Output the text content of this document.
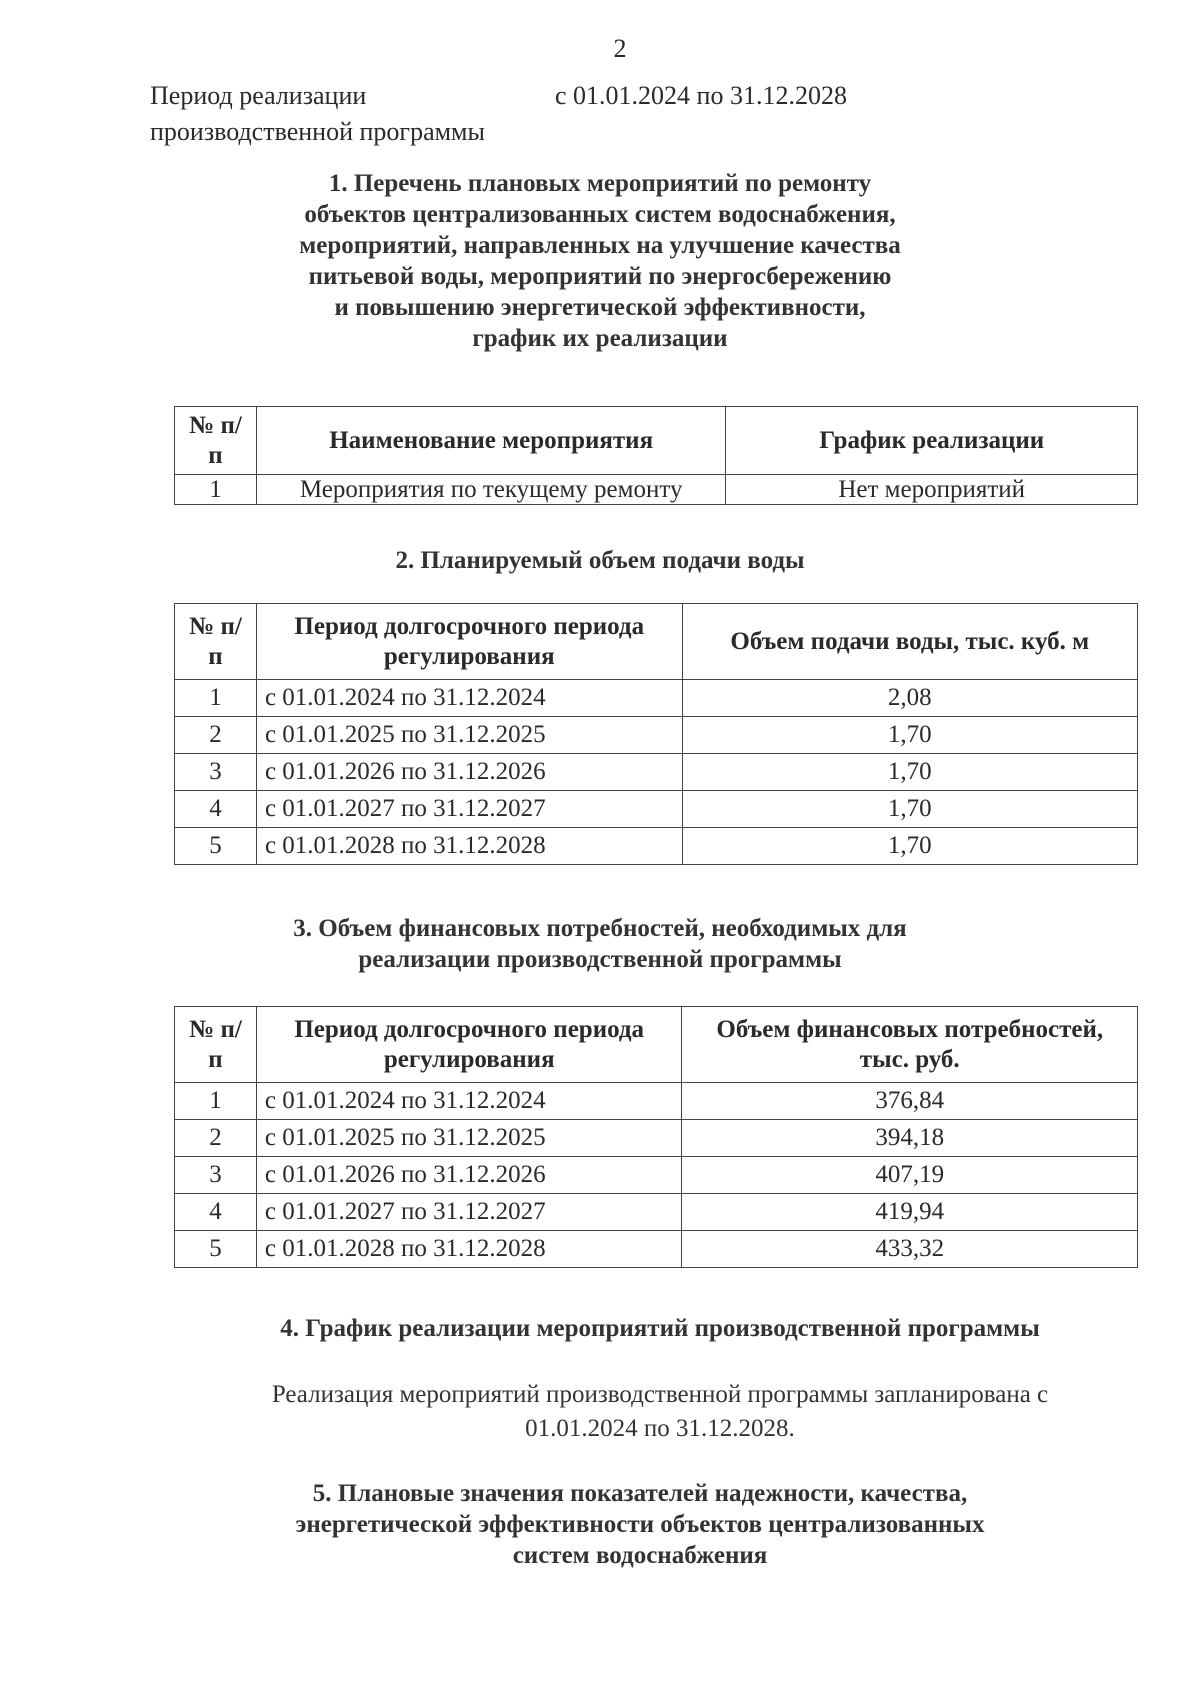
2
Период реализации
производственной программы
с 01.01.2024 по 31.12.2028
1. Перечень плановых мероприятий по ремонту
объектов централизованных систем водоснабжения,
мероприятий, направленных на улучшение качества
питьевой воды, мероприятий по энергосбережению
и повышению энергетической эффективности,
график их реализации
№ п/п	Наименование мероприятия	График реализации
1	Мероприятия по текущему ремонту	Нет мероприятий
2. Планируемый объем подачи воды
№ п/п	Период долгосрочного периода регулирования	Объем подачи воды, тыс. куб. м
1	с 01.01.2024 по 31.12.2024	2,08
2	с 01.01.2025 по 31.12.2025	1,70
3	с 01.01.2026 по 31.12.2026	1,70
4	с 01.01.2027 по 31.12.2027	1,70
5	с 01.01.2028 по 31.12.2028	1,70
3. Объем финансовых потребностей, необходимых для
реализации производственной программы
№ п/п	Период долгосрочного периода регулирования	Объем финансовых потребностей, тыс. руб.
1	с 01.01.2024 по 31.12.2024	376,84
2	с 01.01.2025 по 31.12.2025	394,18
3	с 01.01.2026 по 31.12.2026	407,19
4	с 01.01.2027 по 31.12.2027	419,94
5	с 01.01.2028 по 31.12.2028	433,32
4. График реализации мероприятий производственной программы
Реализация мероприятий производственной программы запланирована с
01.01.2024 по 31.12.2028.
5. Плановые значения показателей надежности, качества,
энергетической эффективности объектов централизованных
систем водоснабжения
